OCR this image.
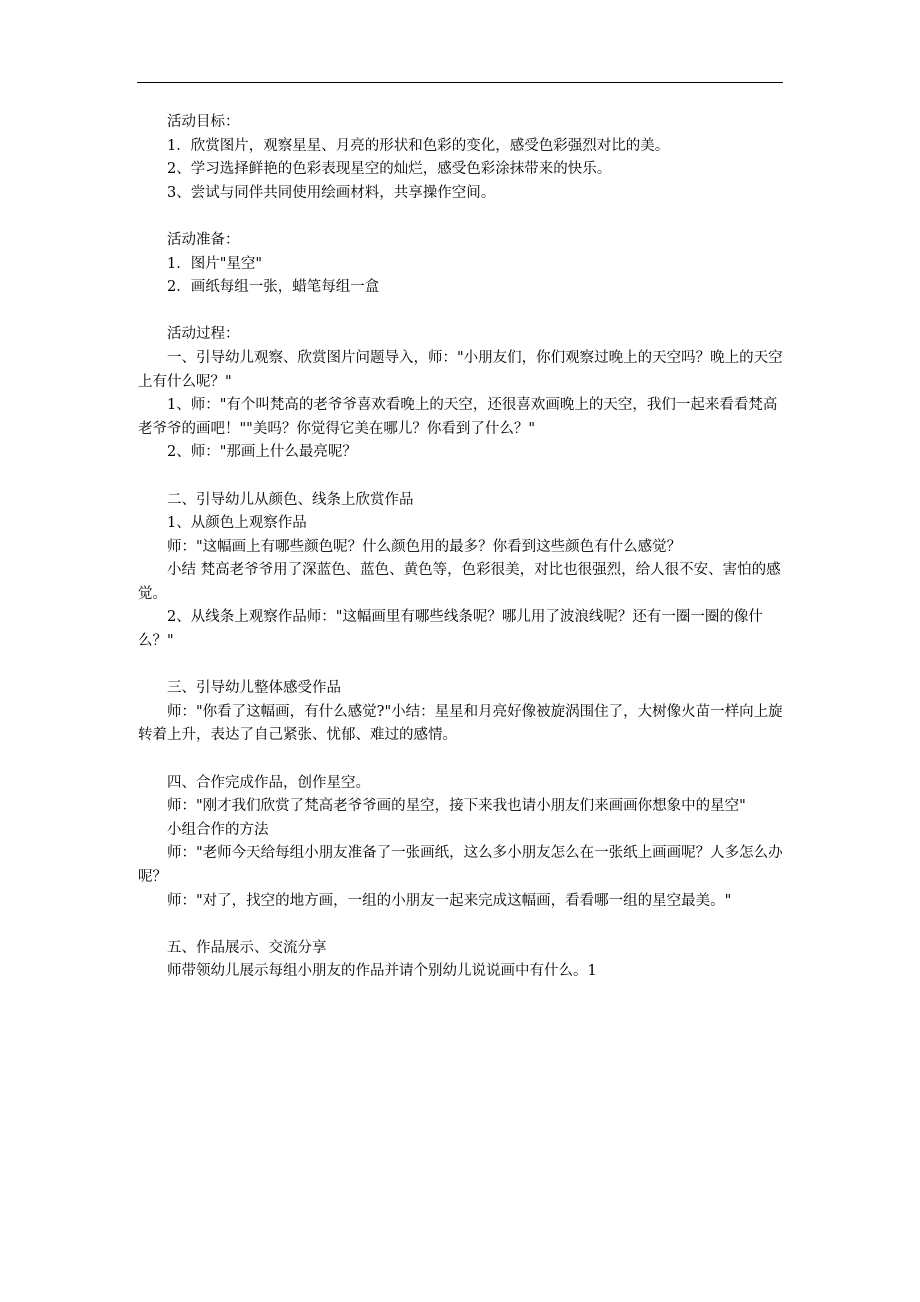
活动目标：

1．欣赏图片，观察星星、月亮的形状和色彩的变化，感受色彩强烈对比的美。

2、学习选择鲜艳的色彩表现星空的灿烂，感受色彩涂抹带来的快乐。

3、尝试与同伴共同使用绘画材料，共享操作空间。

活动准备：

1．图片"星空"

2．画纸每组一张，蜡笔每组一盒

活动过程：

一、引导幼儿观察、欣赏图片问题导入，师："小朋友们，你们观察过晚上的天空吗？晚上的天空上有什么呢？"

1、师："有个叫梵高的老爷爷喜欢看晚上的天空，还很喜欢画晚上的天空，我们一起来看看梵高老爷爷的画吧！""美吗？你觉得它美在哪儿？你看到了什么？"

2、师："那画上什么最亮呢？

二、引导幼儿从颜色、线条上欣赏作品

1、从颜色上观察作品

师："这幅画上有哪些颜色呢？什么颜色用的最多？你看到这些颜色有什么感觉？

小结 梵高老爷爷用了深蓝色、蓝色、黄色等，色彩很美，对比也很强烈，给人很不安、害怕的感觉。

2、从线条上观察作品师："这幅画里有哪些线条呢？哪儿用了波浪线呢？还有一圈一圈的像什么？"

三、引导幼儿整体感受作品

师："你看了这幅画，有什么感觉?"小结：星星和月亮好像被旋涡围住了，大树像火苗一样向上旋转着上升，表达了自己紧张、忧郁、难过的感情。

四、合作完成作品，创作星空。

师："刚才我们欣赏了梵高老爷爷画的星空，接下来我也请小朋友们来画画你想象中的星空"

小组合作的方法

师："老师今天给每组小朋友准备了一张画纸，这么多小朋友怎么在一张纸上画画呢？人多怎么办呢？

师："对了，找空的地方画，一组的小朋友一起来完成这幅画，看看哪一组的星空最美。"

五、作品展示、交流分享

师带领幼儿展示每组小朋友的作品并请个别幼儿说说画中有什么。1
